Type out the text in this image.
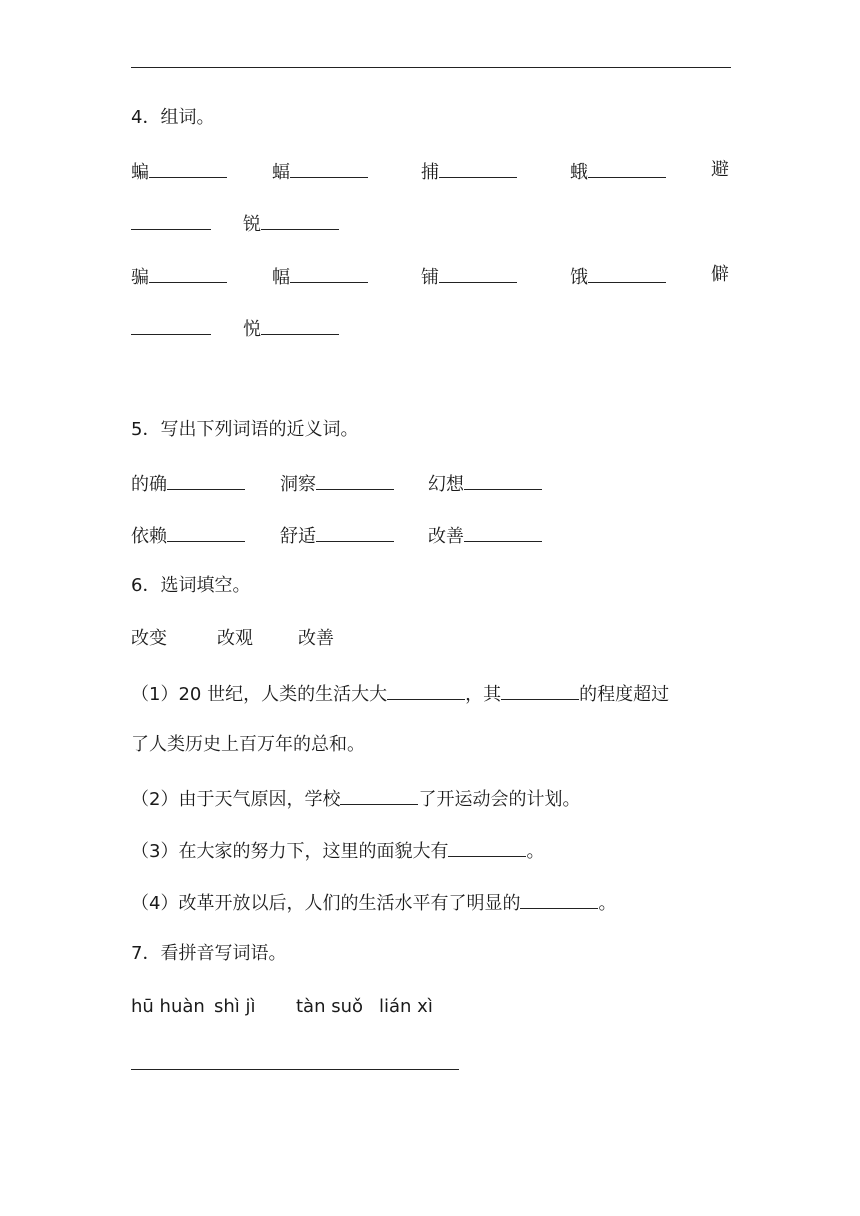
4．组词。
蝙	蝠	捕	蛾	避
锐
骗	幅	铺	饿	僻
悦
5．写出下列词语的近义词。
的确	洞察	幻想
依赖	舒适	改善
6．选词填空。
改变	改观	改善
（1）20 世纪，人类的生活大大	，其	的程度超过
了人类历史上百万年的总和。
（2）由于天气原因，学校	了开运动会的计划。
（3）在大家的努力下，这里的面貌大有	。
（4）改革开放以后，人们的生活水平有了明显的	。
7．看拼音写词语。
hū huàn shì jì tàn suǒ lián xì
